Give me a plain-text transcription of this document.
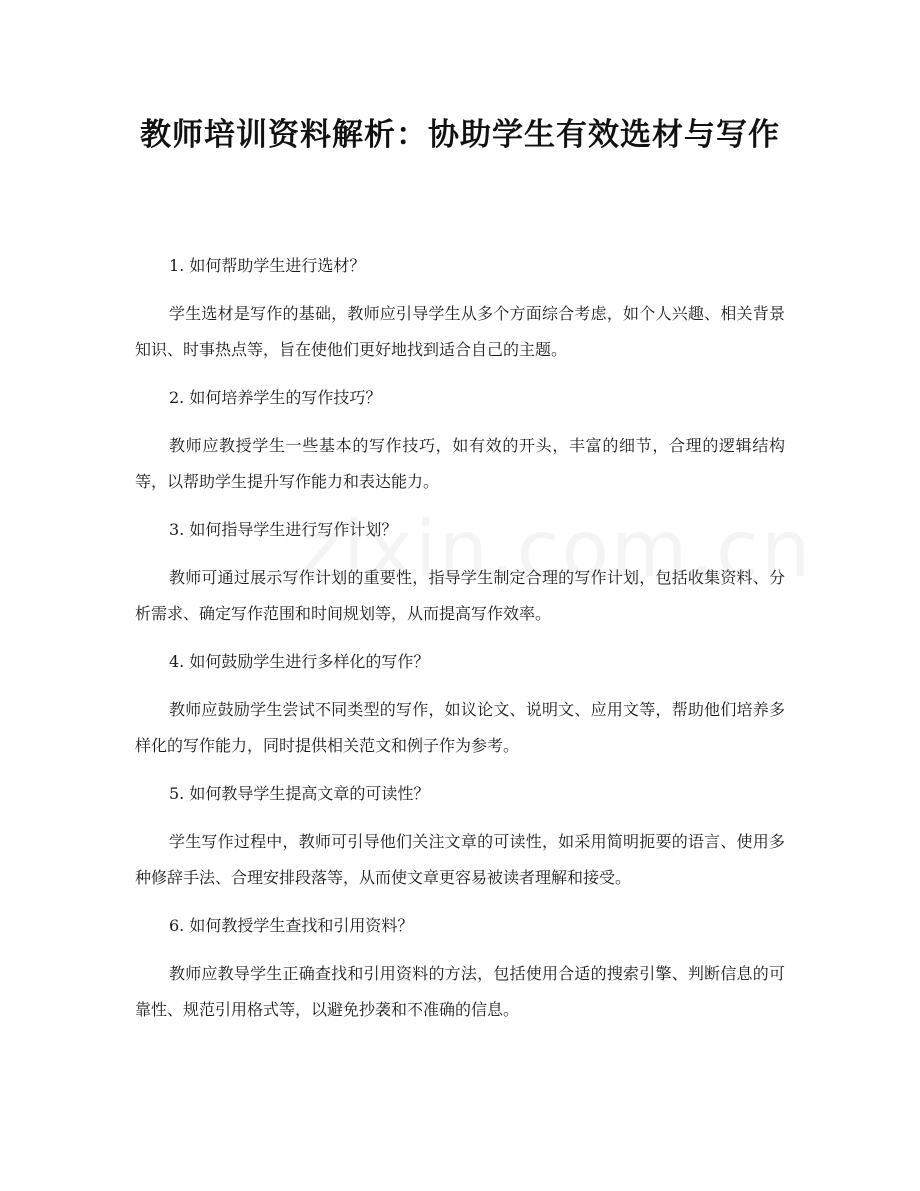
教师培训资料解析：协助学生有效选材与写作

1. 如何帮助学生进行选材？

学生选材是写作的基础，教师应引导学生从多个方面综合考虑，如个人兴趣、相关背景知识、时事热点等，旨在使他们更好地找到适合自己的主题。

2. 如何培养学生的写作技巧？

教师应教授学生一些基本的写作技巧，如有效的开头，丰富的细节，合理的逻辑结构等，以帮助学生提升写作能力和表达能力。

3. 如何指导学生进行写作计划？

教师可通过展示写作计划的重要性，指导学生制定合理的写作计划，包括收集资料、分析需求、确定写作范围和时间规划等，从而提高写作效率。

4. 如何鼓励学生进行多样化的写作？

教师应鼓励学生尝试不同类型的写作，如议论文、说明文、应用文等，帮助他们培养多样化的写作能力，同时提供相关范文和例子作为参考。

5. 如何教导学生提高文章的可读性？

学生写作过程中，教师可引导他们关注文章的可读性，如采用简明扼要的语言、使用多种修辞手法、合理安排段落等，从而使文章更容易被读者理解和接受。

6. 如何教授学生查找和引用资料？

教师应教导学生正确查找和引用资料的方法，包括使用合适的搜索引擎、判断信息的可靠性、规范引用格式等，以避免抄袭和不准确的信息。
